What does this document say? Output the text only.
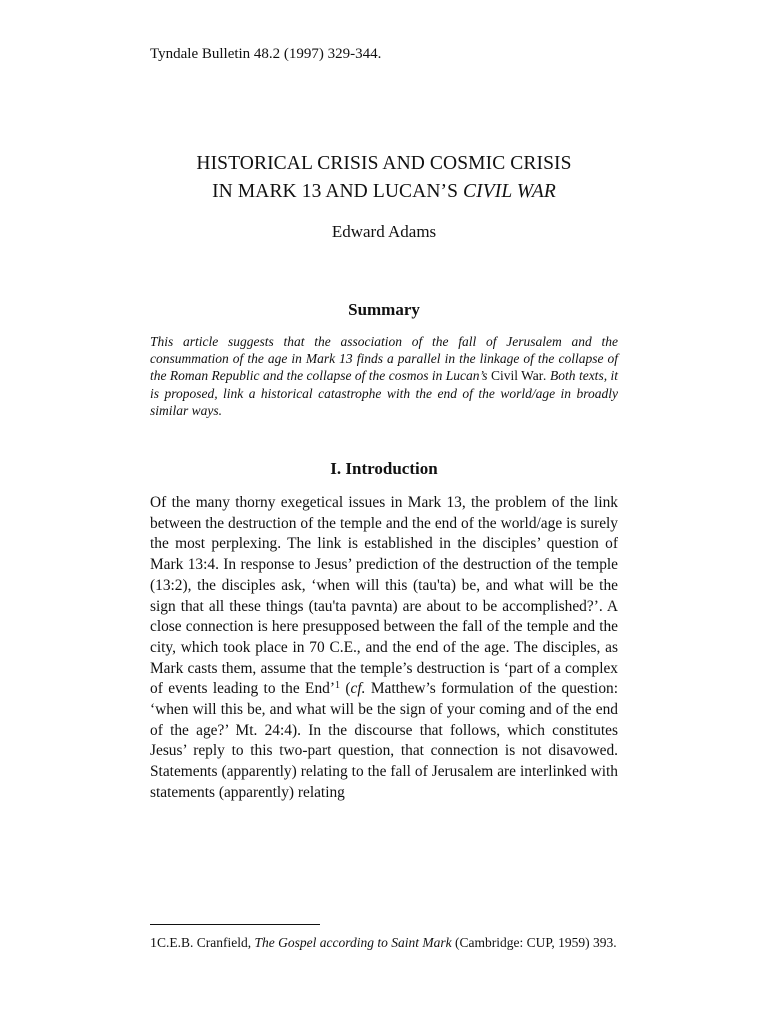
Tyndale Bulletin 48.2 (1997) 329-344.
HISTORICAL CRISIS AND COSMIC CRISIS
IN MARK 13 AND LUCAN’S CIVIL WAR
Edward Adams
Summary
This article suggests that the association of the fall of Jerusalem and the consummation of the age in Mark 13 finds a parallel in the linkage of the collapse of the Roman Republic and the collapse of the cosmos in Lucan’s Civil War. Both texts, it is proposed, link a historical catastrophe with the end of the world/age in broadly similar ways.
I. Introduction
Of the many thorny exegetical issues in Mark 13, the problem of the link between the destruction of the temple and the end of the world/age is surely the most perplexing. The link is established in the disciples’ question of Mark 13:4. In response to Jesus’ prediction of the destruction of the temple (13:2), the disciples ask, ‘when will this (tau'ta) be, and what will be the sign that all these things (tau'ta pavnta) are about to be accomplished?’. A close connection is here presupposed between the fall of the temple and the city, which took place in 70 C.E., and the end of the age. The disciples, as Mark casts them, assume that the temple’s destruction is ‘part of a complex of events leading to the End’$^1$ (cf. Matthew’s formulation of the question: ‘when will this be, and what will be the sign of your coming and of the end of the age?’ Mt. 24:4). In the discourse that follows, which constitutes Jesus’ reply to this two-part question, that connection is not disavowed. Statements (apparently) relating to the fall of Jerusalem are interlinked with statements (apparently) relating
1C.E.B. Cranfield, The Gospel according to Saint Mark (Cambridge: CUP, 1959) 393.
